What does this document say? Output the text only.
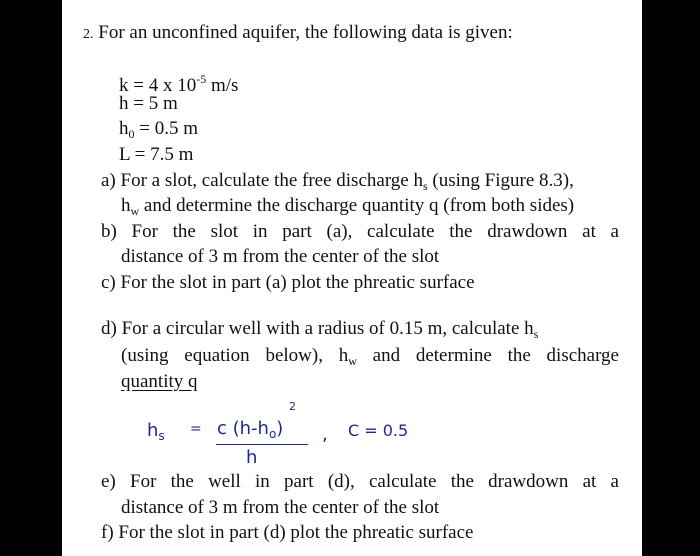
2. For an unconfined aquifer, the following data is given:
k = 4 x $10^{-5}$ m/s
h = 5 m
$h_0 = 0.5$ m
L = 7.5 m
a) For a slot, calculate the free discharge $h_s$ (using Figure 8.3),
$h_w$ and determine the discharge quantity q (from both sides)
b) For the slot in part (a), calculate the drawdown at a
distance of 3 m from the center of the slot
c) For the slot in part (a) plot the phreatic surface
d) For a circular well with a radius of 0.15 m, calculate $h_s$
(using equation below), $h_w$ and determine the discharge
quantity q
$h_s = c$ $(h-h_o)$
2
h
, C = 0.5
e) For the well in part (d), calculate the drawdown at a
distance of 3 m from the center of the slot
f) For the slot in part (d) plot the phreatic surface
